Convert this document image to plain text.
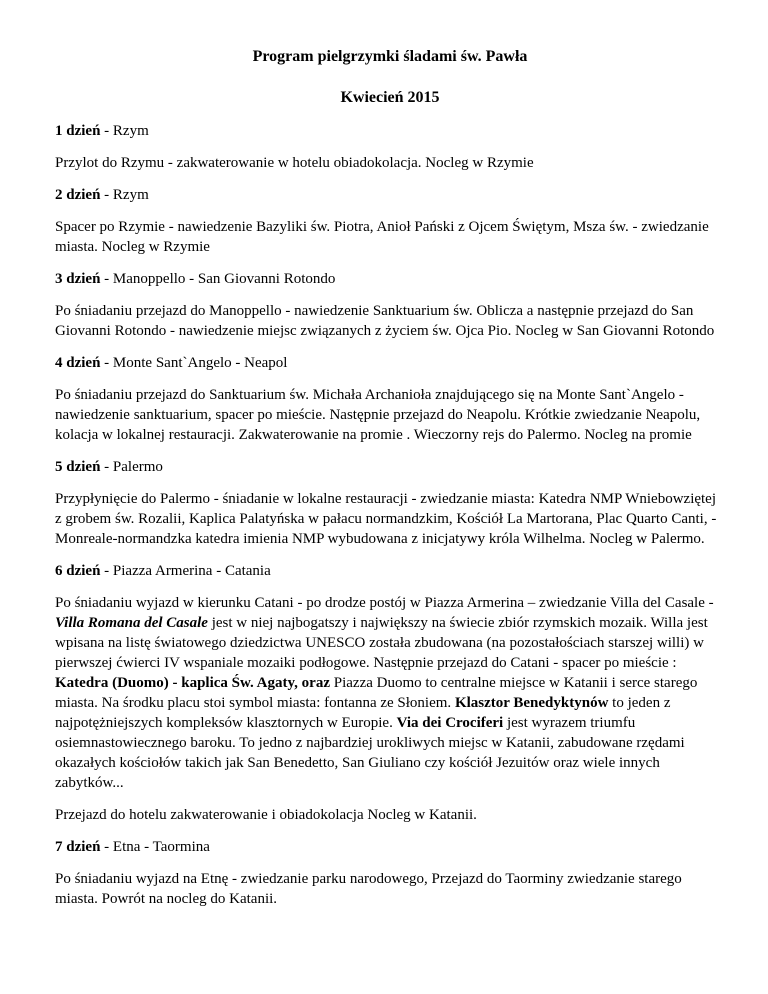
Program pielgrzymki śladami św. Pawła

Kwiecień 2015

1 dzień - Rzym

Przylot do Rzymu - zakwaterowanie w hotelu obiadokolacja. Nocleg w Rzymie

2 dzień - Rzym

Spacer po Rzymie - nawiedzenie Bazyliki św. Piotra, Anioł Pański z Ojcem Świętym, Msza św. - zwiedzanie miasta. Nocleg w Rzymie

3 dzień - Manoppello - San Giovanni Rotondo

Po śniadaniu przejazd do Manoppello - nawiedzenie Sanktuarium św. Oblicza a następnie przejazd do San Giovanni Rotondo - nawiedzenie miejsc związanych z życiem św. Ojca Pio. Nocleg w San Giovanni Rotondo

4 dzień - Monte Sant`Angelo - Neapol

Po śniadaniu przejazd do Sanktuarium św. Michała Archanioła znajdującego się na Monte Sant`Angelo - nawiedzenie sanktuarium, spacer po mieście. Następnie przejazd do Neapolu. Krótkie zwiedzanie Neapolu, kolacja w lokalnej restauracji. Zakwaterowanie na promie . Wieczorny rejs do Palermo. Nocleg na promie

5 dzień - Palermo

Przypłynięcie do Palermo - śniadanie w lokalne restauracji - zwiedzanie miasta: Katedra NMP Wniebowziętej z grobem św. Rozalii, Kaplica Palatyńska w pałacu normandzkim, Kościół La Martorana, Plac Quarto Canti, - Monreale-normandzka katedra imienia NMP wybudowana z inicjatywy króla Wilhelma. Nocleg w Palermo.

6 dzień - Piazza Armerina - Catania

Po śniadaniu wyjazd w kierunku Catani - po drodze postój w Piazza Armerina – zwiedzanie Villa del Casale - Villa Romana del Casale jest w niej najbogatszy i największy na świecie zbiór rzymskich mozaik. Willa jest wpisana na listę światowego dziedzictwa UNESCO została zbudowana (na pozostałościach starszej willi) w pierwszej ćwierci IV wspaniale mozaiki podłogowe. Następnie przejazd do Catani - spacer po mieście : Katedra (Duomo) - kaplica Św. Agaty, oraz Piazza Duomo to centralne miejsce w Katanii i serce starego miasta. Na środku placu stoi symbol miasta: fontanna ze Słoniem. Klasztor Benedyktynów to jeden z najpotężniejszych kompleksów klasztornych w Europie. Via dei Crociferi jest wyrazem triumfu osiemnastowiecznego baroku. To jedno z najbardziej urokliwych miejsc w Katanii, zabudowane rzędami okazałych kościołów takich jak San Benedetto, San Giuliano czy kościół Jezuitów oraz wiele innych zabytków...

Przejazd do hotelu zakwaterowanie i obiadokolacja Nocleg w Katanii.

7 dzień - Etna - Taormina

Po śniadaniu wyjazd na Etnę - zwiedzanie parku narodowego, Przejazd do Taorminy zwiedzanie starego miasta. Powrót na nocleg do Katanii.
